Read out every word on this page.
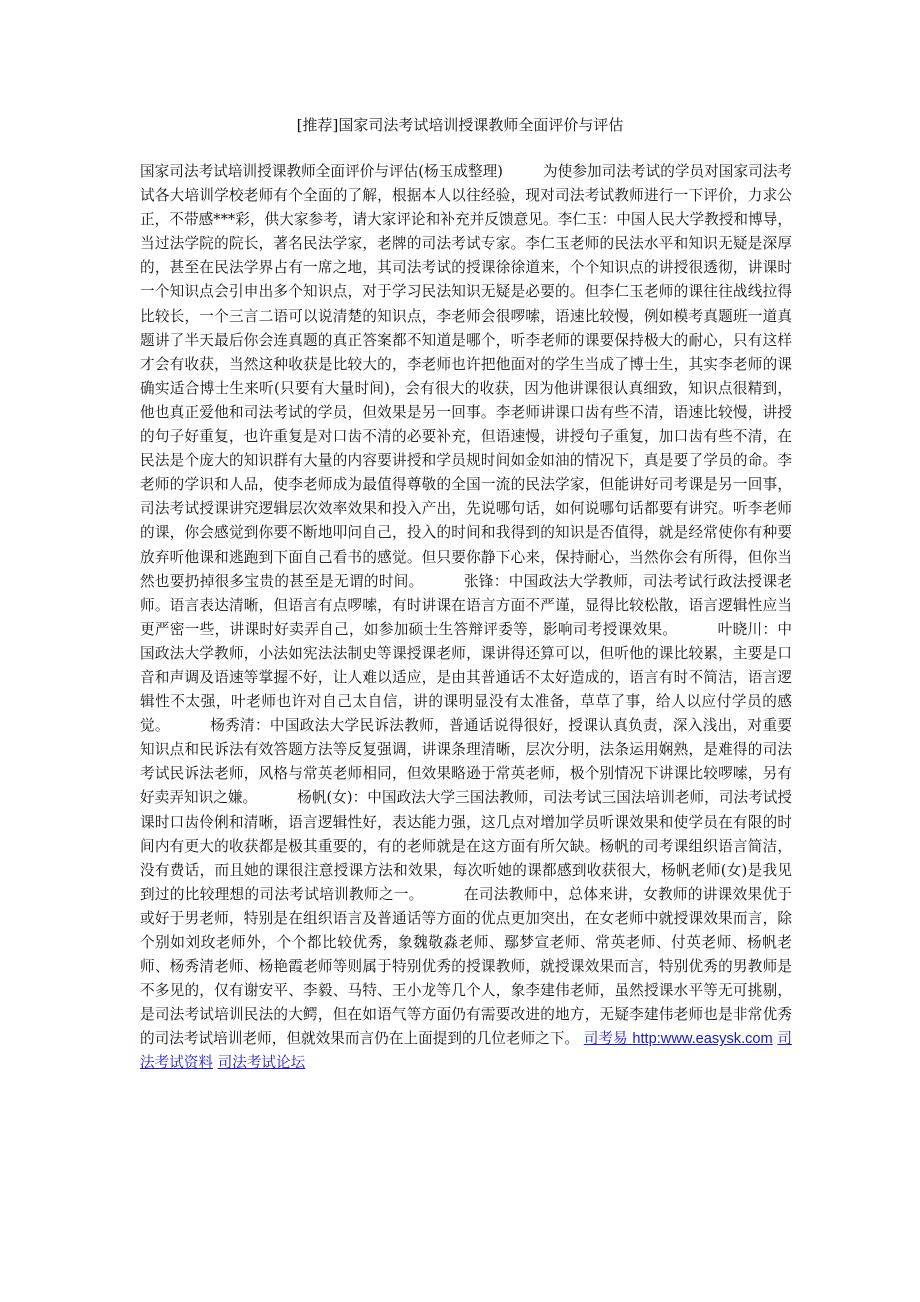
[推荐]国家司法考试培训授课教师全面评价与评估

国家司法考试培训授课教师全面评价与评估(杨玉成整理)	为使参加司法考试的学员对国家司法考试各大培训学校老师有个全面的了解，根据本人以往经验，现对司法考试教师进行一下评价，力求公正，不带感***彩，供大家参考，请大家评论和补充并反馈意见。李仁玉：中国人民大学教授和博导，当过法学院的院长，著名民法学家，老牌的司法考试专家。李仁玉老师的民法水平和知识无疑是深厚的，甚至在民法学界占有一席之地，其司法考试的授课徐徐道来，个个知识点的讲授很透彻，讲课时一个知识点会引申出多个知识点，对于学习民法知识无疑是必要的。但李仁玉老师的课往往战线拉得比较长，一个三言二语可以说清楚的知识点，李老师会很啰嗦，语速比较慢，例如模考真题班一道真题讲了半天最后你会连真题的真正答案都不知道是哪个，听李老师的课要保持极大的耐心，只有这样才会有收获，当然这种收获是比较大的，李老师也许把他面对的学生当成了博士生，其实李老师的课确实适合博士生来听(只要有大量时间)，会有很大的收获，因为他讲课很认真细致，知识点很精到，他也真正爱他和司法考试的学员，但效果是另一回事。李老师讲课口齿有些不清，语速比较慢，讲授的句子好重复，也许重复是对口齿不清的必要补充，但语速慢，讲授句子重复，加口齿有些不清，在民法是个庞大的知识群有大量的内容要讲授和学员规时间如金如油的情况下，真是要了学员的命。李老师的学识和人品，使李老师成为最值得尊敬的全国一流的民法学家，但能讲好司考课是另一回事，司法考试授课讲究逻辑层次效率效果和投入产出，先说哪句话，如何说哪句话都要有讲究。听李老师的课，你会感觉到你要不断地叩问自己，投入的时间和我得到的知识是否值得，就是经常使你有种要放弃听他课和逃跑到下面自己看书的感觉。但只要你静下心来，保持耐心，当然你会有所得，但你当然也要扔掉很多宝贵的甚至是无谓的时间。	张锋：中国政法大学教师，司法考试行政法授课老师。语言表达清晰，但语言有点啰嗦，有时讲课在语言方面不严谨，显得比较松散，语言逻辑性应当更严密一些，讲课时好卖弄自己，如参加硕士生答辩评委等，影响司考授课效果。	叶晓川：中国政法大学教师，小法如宪法法制史等课授课老师，课讲得还算可以，但听他的课比较累，主要是口音和声调及语速等掌握不好，让人难以适应，是由其普通话不太好造成的，语言有时不简洁，语言逻辑性不太强，叶老师也许对自己太自信，讲的课明显没有太准备，草草了事，给人以应付学员的感觉。	杨秀清：中国政法大学民诉法教师，普通话说得很好，授课认真负责，深入浅出，对重要知识点和民诉法有效答题方法等反复强调，讲课条理清晰，层次分明，法条运用娴熟，是难得的司法考试民诉法老师，风格与常英老师相同，但效果略逊于常英老师，极个别情况下讲课比较啰嗦，另有好卖弄知识之嫌。	杨帆(女)：中国政法大学三国法教师，司法考试三国法培训老师，司法考试授课时口齿伶俐和清晰，语言逻辑性好，表达能力强，这几点对增加学员听课效果和使学员在有限的时间内有更大的收获都是极其重要的，有的老师就是在这方面有所欠缺。杨帆的司考课组织语言简洁，没有费话，而且她的课很注意授课方法和效果，每次听她的课都感到收获很大，杨帆老师(女)是我见到过的比较理想的司法考试培训教师之一。	在司法教师中，总体来讲，女教师的讲课效果优于或好于男老师，特别是在组织语言及普通话等方面的优点更加突出，在女老师中就授课效果而言，除个别如刘玫老师外，个个都比较优秀，象魏敬淼老师、鄢梦宣老师、常英老师、付英老师、杨帆老师、杨秀清老师、杨艳霞老师等则属于特别优秀的授课教师，就授课效果而言，特别优秀的男教师是不多见的，仅有谢安平、李毅、马特、王小龙等几个人，象李建伟老师，虽然授课水平等无可挑剔，是司法考试培训民法的大鳄，但在如语气等方面仍有需要改进的地方，无疑李建伟老师也是非常优秀的司法考试培训老师，但就效果而言仍在上面提到的几位老师之下。 司考易 http:www.easysk.com 司法考试资料 司法考试论坛
